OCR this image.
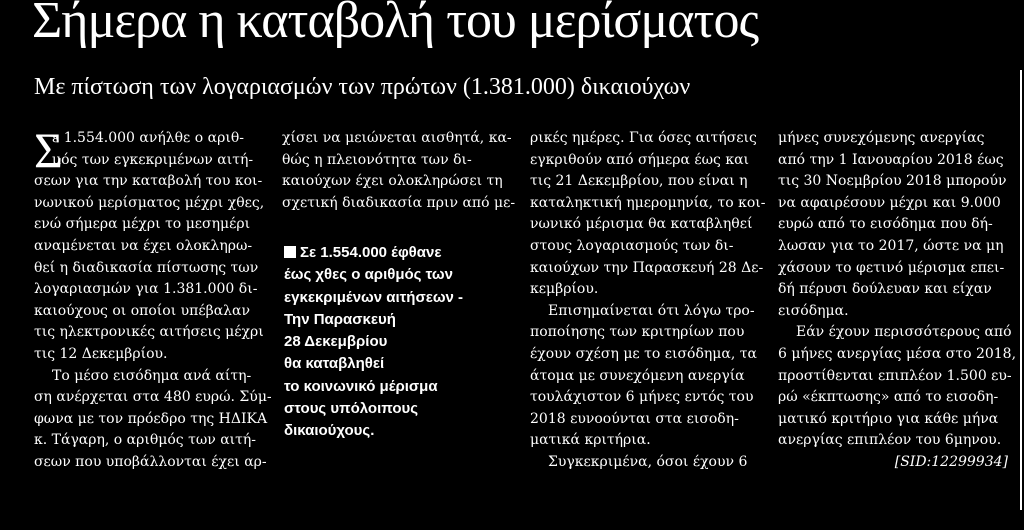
Σήμερα η καταβολή του μερίσματος
Με πίστωση των λογαριασμών των πρώτων (1.381.000) δικαιούχων
Σ
ε 1.554.000 ανήλθε ο αριθ-
μός των εγκεκριμένων αιτή-
σεων για την καταβολή του κοι-
νωνικού μερίσματος μέχρι χθες,
ενώ σήμερα μέχρι το μεσημέρι
αναμένεται να έχει ολοκληρω-
θεί η διαδικασία πίστωσης των
λογαριασμών για 1.381.000 δι-
καιούχους οι οποίοι υπέβαλαν
τις ηλεκτρονικές αιτήσεις μέχρι
τις 12 Δεκεμβρίου.
Το μέσο εισόδημα ανά αίτη-
ση ανέρχεται στα 480 ευρώ. Σύμ-
φωνα με τον πρόεδρο της ΗΔΙΚΑ
κ. Τάγαρη, ο αριθμός των αιτή-
σεων που υποβάλλονται έχει αρ-
χίσει να μειώνεται αισθητά, κα-
θώς η πλειονότητα των δι-
καιούχων έχει ολοκληρώσει τη
σχετική διαδικασία πριν από με-
Σε 1.554.000 έφθανε
έως χθες ο αριθμός των
εγκεκριμένων αιτήσεων -
Την Παρασκευή
28 Δεκεμβρίου
θα καταβληθεί
το κοινωνικό μέρισμα
στους υπόλοιπους
δικαιούχους.
ρικές ημέρες. Για όσες αιτήσεις
εγκριθούν από σήμερα έως και
τις 21 Δεκεμβρίου, που είναι η
καταληκτική ημερομηνία, το κοι-
νωνικό μέρισμα θα καταβληθεί
στους λογαριασμούς των δι-
καιούχων την Παρασκευή 28 Δε-
κεμβρίου.
Επισημαίνεται ότι λόγω τρο-
ποποίησης των κριτηρίων που
έχουν σχέση με το εισόδημα, τα
άτομα με συνεχόμενη ανεργία
τουλάχιστον 6 μήνες εντός του
2018 ευνοούνται στα εισοδη-
ματικά κριτήρια.
Συγκεκριμένα, όσοι έχουν 6
μήνες συνεχόμενης ανεργίας
από την 1 Ιανουαρίου 2018 έως
τις 30 Νοεμβρίου 2018 μπορούν
να αφαιρέσουν μέχρι και 9.000
ευρώ από το εισόδημα που δή-
λωσαν για το 2017, ώστε να μη
χάσουν το φετινό μέρισμα επει-
δή πέρυσι δούλευαν και είχαν
εισόδημα.
Εάν έχουν περισσότερους από
6 μήνες ανεργίας μέσα στο 2018,
προστίθενται επιπλέον 1.500 ευ-
ρώ «έκπτωσης» από το εισοδη-
ματικό κριτήριο για κάθε μήνα
ανεργίας επιπλέον του 6μηνου.
[SID:12299934]
